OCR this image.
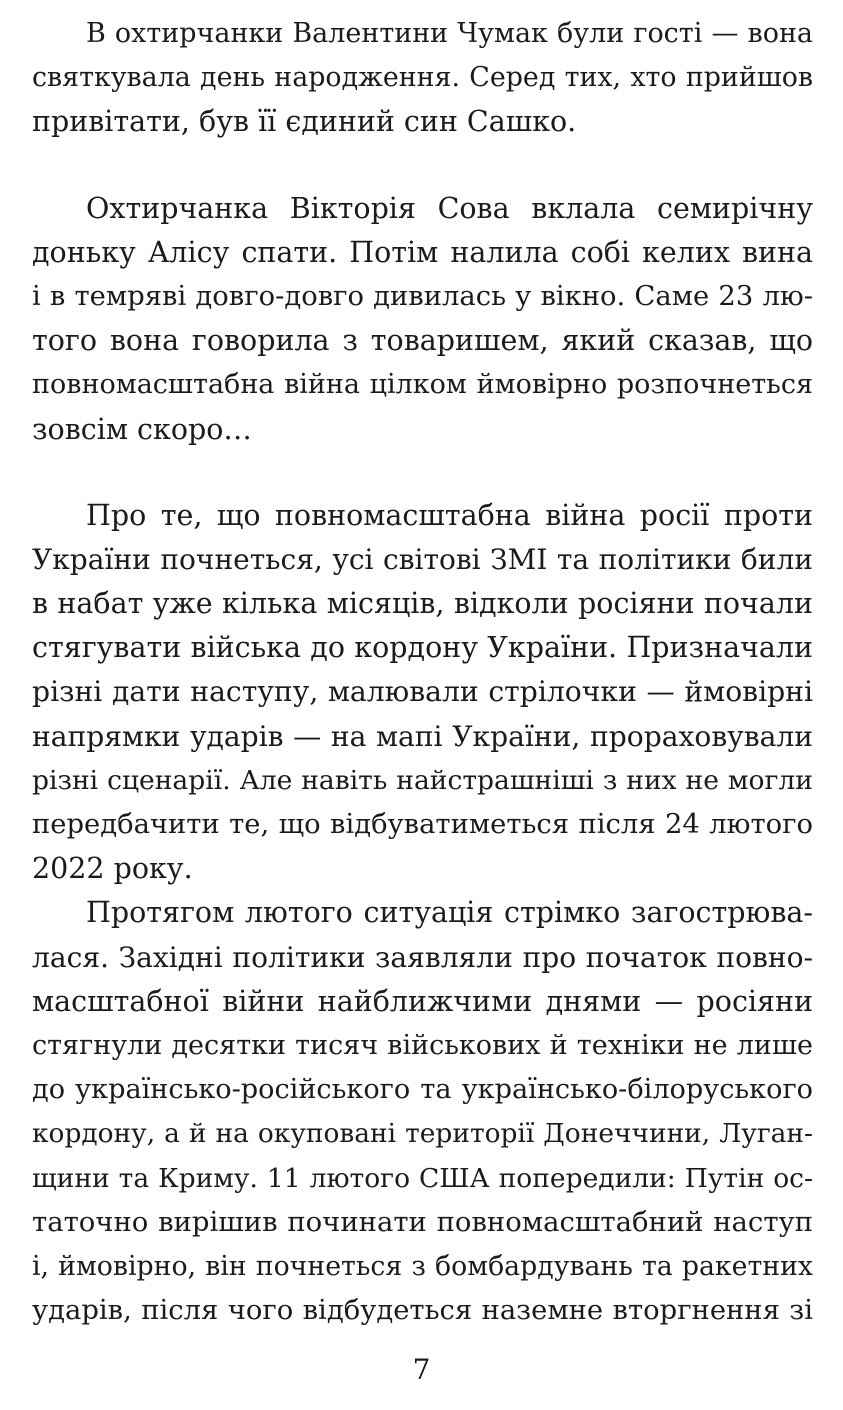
В охтирчанки Валентини Чумак були гості — вона
святкувала день народження. Серед тих, хто прийшов
привітати, був її єдиний син Сашко.
Охтирчанка Вікторія Сова вклала семирічну
доньку Алісу спати. Потім налила собі келих вина
і в темряві довго-довго дивилась у вікно. Саме 23 лю-
того вона говорила з товаришем, який сказав, що
повномасштабна війна цілком ймовірно розпочнеться
зовсім скоро…
Про те, що повномасштабна війна росії проти
України почнеться, усі світові ЗМІ та політики били
в набат уже кілька місяців, відколи росіяни почали
стягувати війська до кордону України. Призначали
різні дати наступу, малювали стрілочки — ймовірні
напрямки ударів — на мапі України, прораховували
різні сценарії. Але навіть найстрашніші з них не могли
передбачити те, що відбуватиметься після 24 лютого
2022 року.
Протягом лютого ситуація стрімко загострюва-
лася. Західні політики заявляли про початок повно-
масштабної війни найближчими днями — росіяни
стягнули десятки тисяч військових й техніки не лише
до українсько-російського та українсько-білоруського
кордону, а й на окуповані території Донеччини, Луган-
щини та Криму. 11 лютого США попередили: Путін ос-
таточно вирішив починати повномасштабний наступ
і, ймовірно, він почнеться з бомбардувань та ракетних
ударів, після чого відбудеться наземне вторгнення зі
7
